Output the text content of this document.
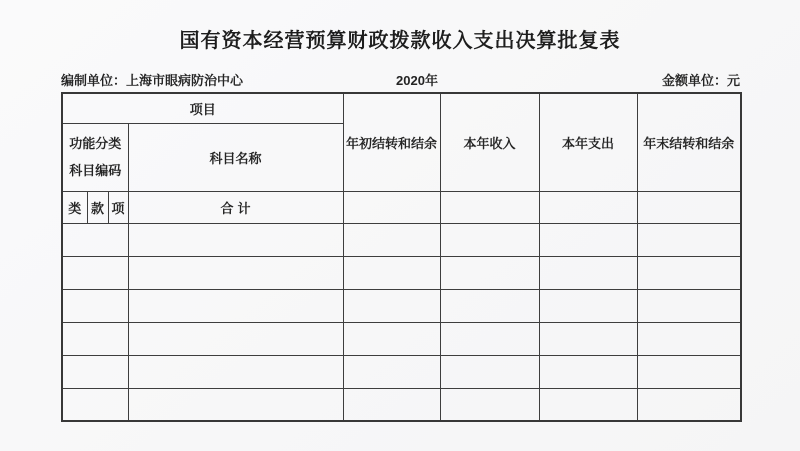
国有资本经营预算财政拨款收入支出决算批复表
编制单位：上海市眼病防治中心	2020年	金额单位：元
项目				年初结转和结余	本年收入	本年支出	年末结转和结余

功能分类
科目编码			科目名称				
类	款	项	合计				
